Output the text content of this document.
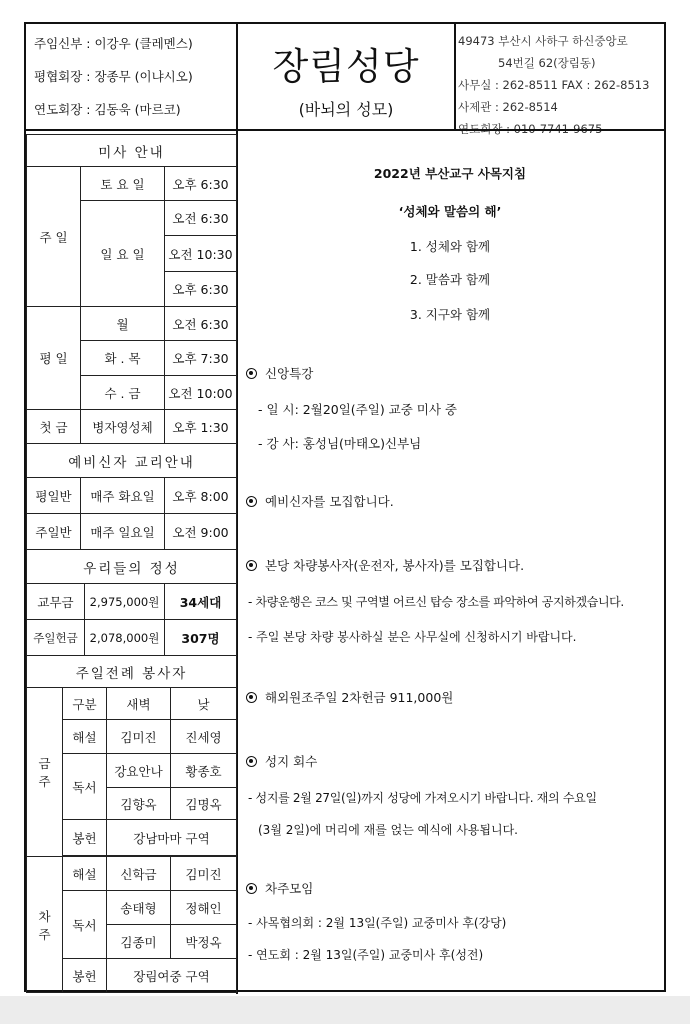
주임신부 : 이강우 (클레멘스)
평협회장 : 장종무 (이냐시오)
연도회장 : 김동욱 (마르코)
장림성당
(바뇌의 성모)
49473 부산시 사하구 하신중앙로
54번길 62(장림동)
사무실 : 262-8511 FAX : 262-8513
사제관 : 262-8514
미사 안내		
주 일	토 요 일	오후 6:30
	일 요 일	오전 6:30
		오전 10:30
		오후 6:30
평 일	월	오전 6:30
	화 . 목	오후 7:30
	수 . 금	오전 10:00
첫 금	병자영성체	오후 1:30
예비신자 교리안내		
평일반	매주 화요일	오후 8:00
주일반	매주 일요일	오전 9:00
우리들의 정성		
교무금	2,975,000원	34세대
주일헌금	2,078,000원	307명
주일전례 봉사자			
금 주	구분	새벽	낮
	해설	김미진	진세영
	독서	강요안나	황종호
		김향옥	김명옥
	봉헌	강남마마 구역	

차 주	해설	신학금	김미진
	독서	송태형	정해인
		김종미	박정옥
	봉헌	장림여중 구역	
2022년 부산교구 사목지침
‘성체와 말씀의 해’
1. 성체와 함께
2. 말씀과 함께
3. 지구와 함께
신앙특강
- 일 시: 2월20일(주일) 교중 미사 중
- 강 사: 홍성님(마태오)신부님
예비신자를 모집합니다.
본당 차량봉사자(운전자, 봉사자)를 모집합니다.
- 차량운행은 코스 및 구역별 어르신 탑승 장소를 파악하여 공지하겠습니다.
- 주일 본당 차량 봉사하실 분은 사무실에 신청하시기 바랍니다.
해외원조주일 2차헌금 911,000원
성지 회수
- 성지를 2월 27일(일)까지 성당에 가져오시기 바랍니다. 재의 수요일
(3월 2일)에 머리에 재를 얹는 예식에 사용됩니다.
차주모임
- 사목협의회 : 2월 13일(주일) 교중미사 후(강당)
- 연도회 : 2월 13일(주일) 교중미사 후(성전)
